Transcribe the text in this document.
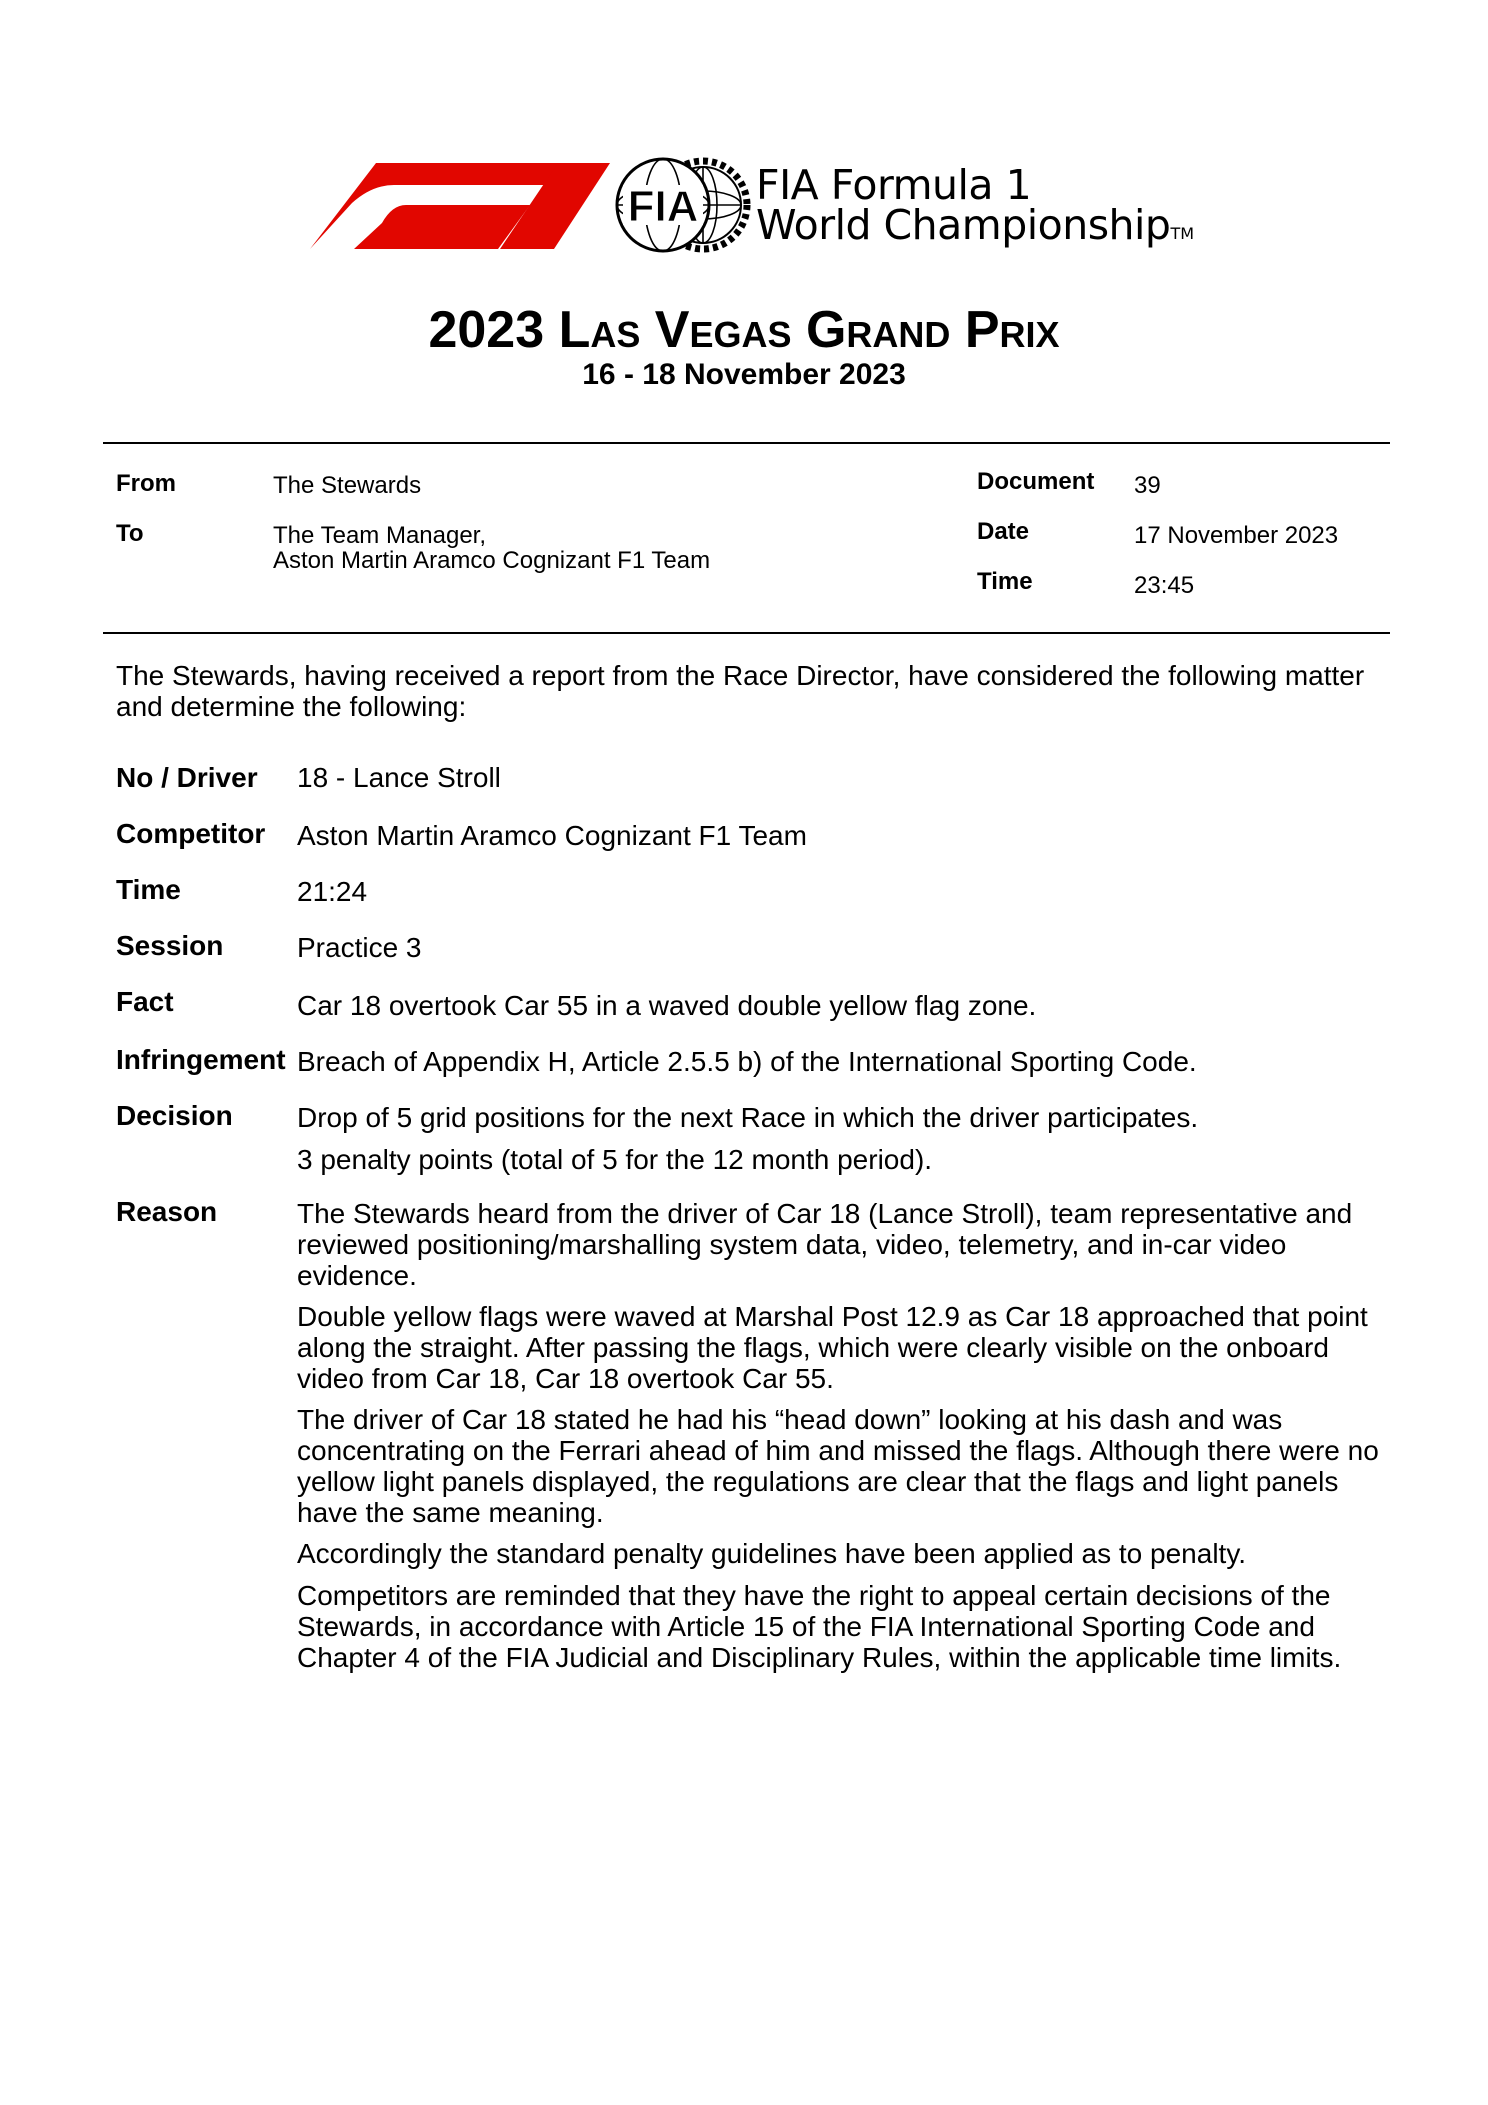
FIA FIA Formula 1
World ChampionshipTM
2023 Las Vegas Grand Prix
16 - 18 November 2023
From	The Stewards
To	The Team Manager,
Aston Martin Aramco Cognizant F1 Team
Document 39
Date	17 November 2023
Time	23:45
The Stewards, having received a report from the Race Director, have considered the following matter and determine the following:
No / Driver 18 - Lance Stroll
Competitor Aston Martin Aramco Cognizant F1 Team
Time	21:24
Session	Practice 3
Fact	Car 18 overtook Car 55 in a waved double yellow flag zone.
Infringement Breach of Appendix H, Article 2.5.5 b) of the International Sporting Code.
Decision Drop of 5 grid positions for the next Race in which the driver participates.
3 penalty points (total of 5 for the 12 month period).
Reason	The Stewards heard from the driver of Car 18 (Lance Stroll), team representative and reviewed positioning/marshalling system data, video, telemetry, and in-car video evidence.
Double yellow flags were waved at Marshal Post 12.9 as Car 18 approached that point along the straight. After passing the flags, which were clearly visible on the onboard video from Car 18, Car 18 overtook Car 55.
The driver of Car 18 stated he had his “head down” looking at his dash and was concentrating on the Ferrari ahead of him and missed the flags. Although there were no yellow light panels displayed, the regulations are clear that the flags and light panels have the same meaning.
Accordingly the standard penalty guidelines have been applied as to penalty.
Competitors are reminded that they have the right to appeal certain decisions of the Stewards, in accordance with Article 15 of the FIA International Sporting Code and Chapter 4 of the FIA Judicial and Disciplinary Rules, within the applicable time limits.
